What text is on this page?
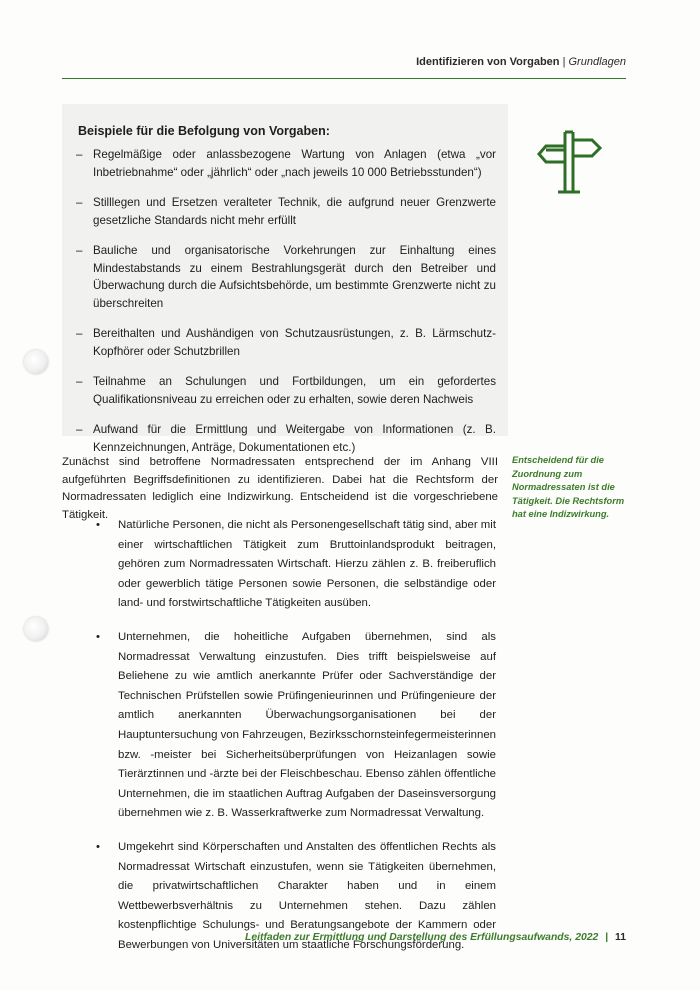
Identifizieren von Vorgaben | Grundlagen
Beispiele für die Befolgung von Vorgaben:
– Regelmäßige oder anlassbezogene Wartung von Anlagen (etwa „vor Inbetriebnahme“ oder „jährlich“ oder „nach jeweils 10 000 Betriebsstunden“)
– Stilllegen und Ersetzen veralteter Technik, die aufgrund neuer Grenzwerte gesetzliche Standards nicht mehr erfüllt
– Bauliche und organisatorische Vorkehrungen zur Einhaltung eines Mindestabstands zu einem Bestrahlungsgerät durch den Betreiber und Überwachung durch die Aufsichtsbehörde, um bestimmte Grenzwerte nicht zu überschreiten
– Bereithalten und Aushändigen von Schutzausrüstungen, z. B. Lärmschutz-Kopfhörer oder Schutzbrillen
– Teilnahme an Schulungen und Fortbildungen, um ein gefordertes Qualifikationsniveau zu erreichen oder zu erhalten, sowie deren Nachweis
– Aufwand für die Ermittlung und Weitergabe von Informationen (z. B. Kennzeichnungen, Anträge, Dokumentationen etc.)
Zunächst sind betroffene Normadressaten entsprechend der im Anhang VIII aufgeführten Begriffsdefinitionen zu identifizieren. Dabei hat die Rechtsform der Normadressaten lediglich eine Indizwirkung. Entscheidend ist die vorgeschriebene Tätigkeit.
Entscheidend für die Zuordnung zum Normadressaten ist die Tätigkeit. Die Rechtsform hat eine Indizwirkung.
• Natürliche Personen, die nicht als Personengesellschaft tätig sind, aber mit einer wirtschaftlichen Tätigkeit zum Bruttoinlandsprodukt beitragen, gehören zum Normadressaten Wirtschaft. Hierzu zählen z. B. freiberuflich oder gewerblich tätige Personen sowie Personen, die selbständige oder land- und forstwirtschaftliche Tätigkeiten ausüben.
• Unternehmen, die hoheitliche Aufgaben übernehmen, sind als Normadressat Verwaltung einzustufen. Dies trifft beispielsweise auf Beliehene zu wie amtlich anerkannte Prüfer oder Sachverständige der Technischen Prüfstellen sowie Prüfingenieurinnen und Prüfingenieure der amtlich anerkannten Überwachungsorganisationen bei der Hauptuntersuchung von Fahrzeugen, Bezirksschornsteinfegermeisterinnen bzw. -meister bei Sicherheitsüberprüfungen von Heizanlagen sowie Tierärztinnen und -ärzte bei der Fleischbeschau. Ebenso zählen öffentliche Unternehmen, die im staatlichen Auftrag Aufgaben der Daseinsversorgung übernehmen wie z. B. Wasserkraftwerke zum Normadressat Verwaltung.
• Umgekehrt sind Körperschaften und Anstalten des öffentlichen Rechts als Normadressat Wirtschaft einzustufen, wenn sie Tätigkeiten übernehmen, die privatwirtschaftlichen Charakter haben und in einem Wettbewerbsverhältnis zu Unternehmen stehen. Dazu zählen kostenpflichtige Schulungs- und Beratungsangebote der Kammern oder Bewerbungen von Universitäten um staatliche Forschungsförderung.
Leitfaden zur Ermittlung und Darstellung des Erfüllungsaufwands, 2022 | 11
